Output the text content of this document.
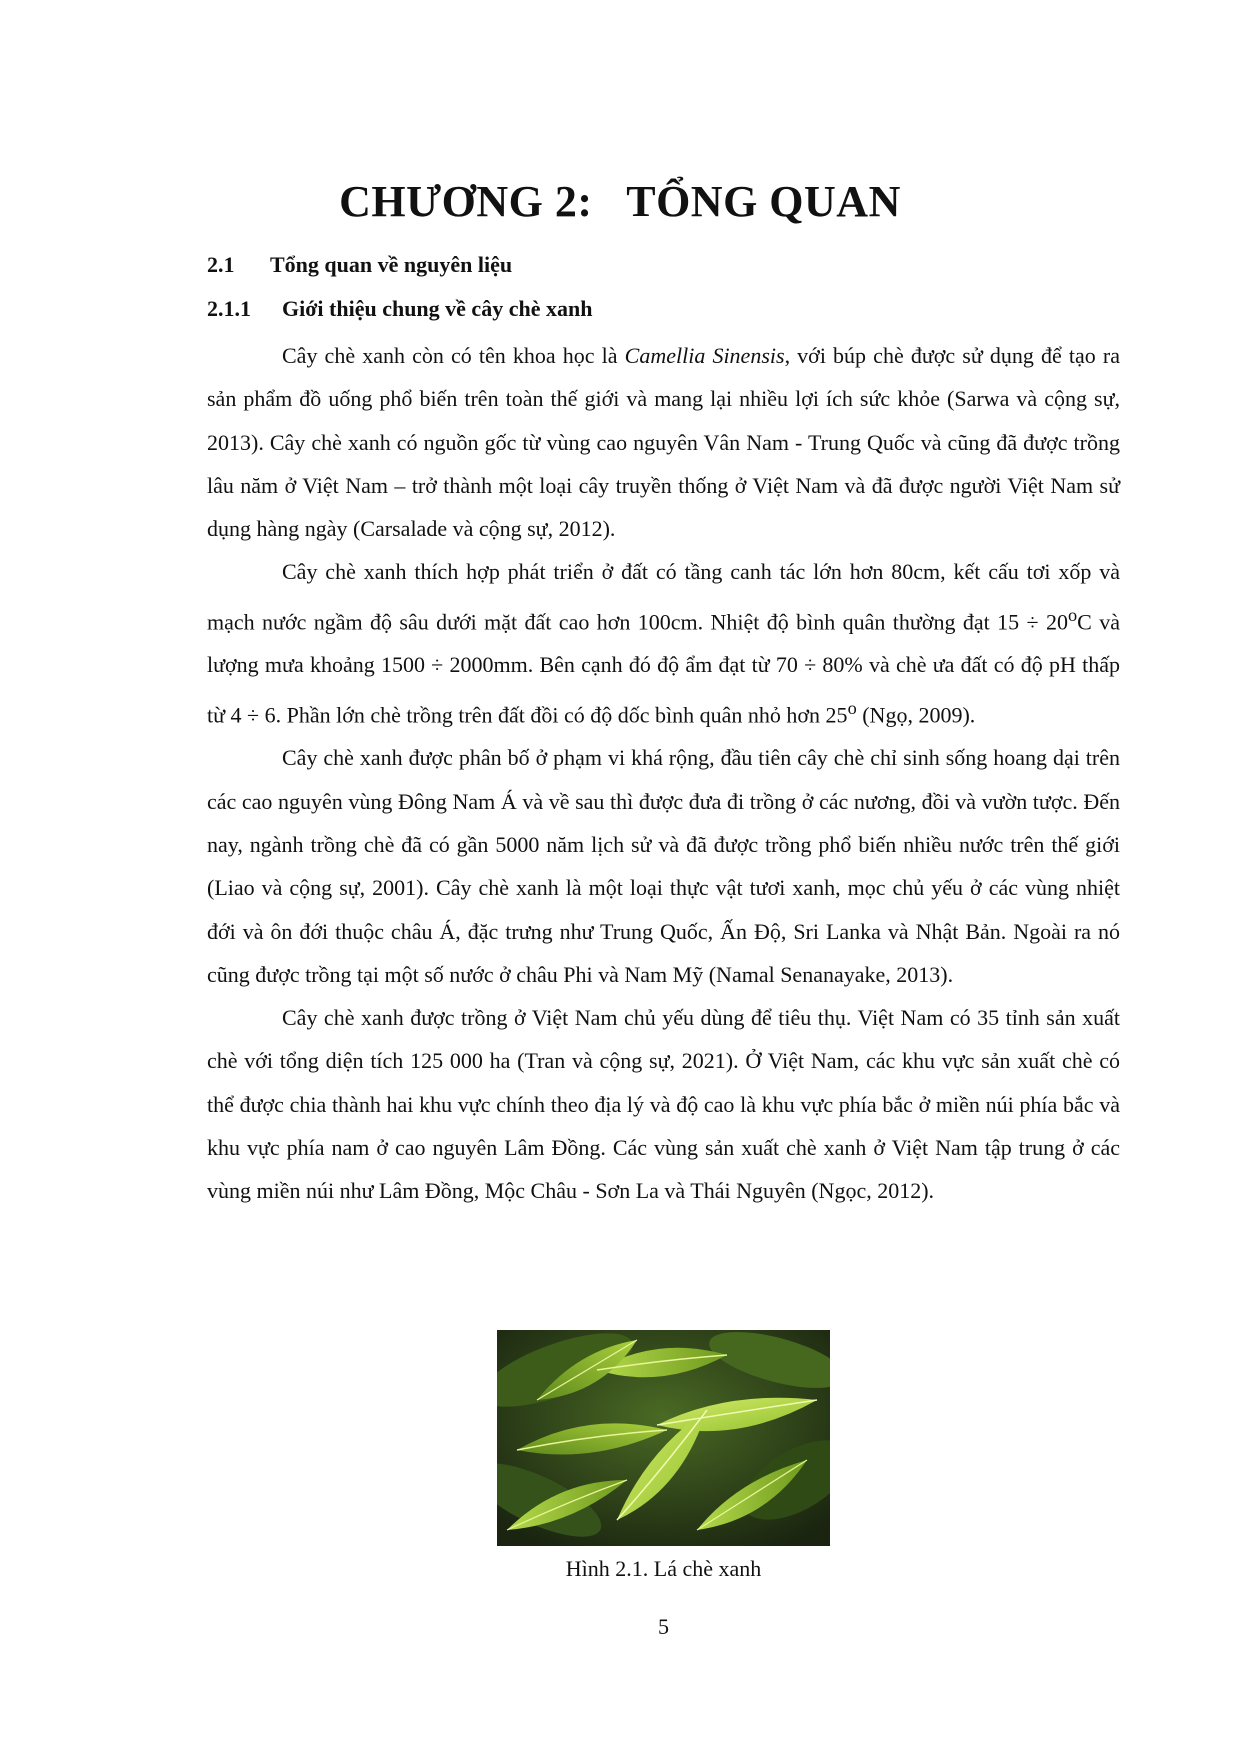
CHƯƠNG 2:   TỔNG QUAN
2.1 Tổng quan về nguyên liệu
2.1.1 Giới thiệu chung về cây chè xanh

Cây chè xanh còn có tên khoa học là Camellia Sinensis, với búp chè được sử dụng để tạo ra sản phẩm đồ uống phổ biến trên toàn thế giới và mang lại nhiều lợi ích sức khỏe (Sarwa và cộng sự, 2013). Cây chè xanh có nguồn gốc từ vùng cao nguyên Vân Nam - Trung Quốc và cũng đã được trồng lâu năm ở Việt Nam – trở thành một loại cây truyền thống ở Việt Nam và đã được người Việt Nam sử dụng hàng ngày (Carsalade và cộng sự, 2012).

Cây chè xanh thích hợp phát triển ở đất có tầng canh tác lớn hơn 80cm, kết cấu tơi xốp và mạch nước ngầm độ sâu dưới mặt đất cao hơn 100cm. Nhiệt độ bình quân thường đạt $15 \div 20^oC$ và lượng mưa khoảng 1500 ÷ 2000mm. Bên cạnh đó độ ẩm đạt từ 70 ÷ 80% và chè ưa đất có độ pH thấp từ 4 ÷ 6. Phần lớn chè trồng trên đất đồi có độ dốc bình quân nhỏ hơn 25$^o$ (Ngọ, 2009).

Cây chè xanh được phân bố ở phạm vi khá rộng, đầu tiên cây chè chỉ sinh sống hoang dại trên các cao nguyên vùng Đông Nam Á và về sau thì được đưa đi trồng ở các nương, đồi và vườn tược. Đến nay, ngành trồng chè đã có gần 5000 năm lịch sử và đã được trồng phổ biến nhiều nước trên thế giới (Liao và cộng sự, 2001). Cây chè xanh là một loại thực vật tươi xanh, mọc chủ yếu ở các vùng nhiệt đới và ôn đới thuộc châu Á, đặc trưng như Trung Quốc, Ấn Độ, Sri Lanka và Nhật Bản. Ngoài ra nó cũng được trồng tại một số nước ở châu Phi và Nam Mỹ (Namal Senanayake, 2013).

Cây chè xanh được trồng ở Việt Nam chủ yếu dùng để tiêu thụ. Việt Nam có 35 tỉnh sản xuất chè với tổng diện tích 125 000 ha (Tran và cộng sự, 2021). Ở Việt Nam, các khu vực sản xuất chè có thể được chia thành hai khu vực chính theo địa lý và độ cao là khu vực phía bắc ở miền núi phía bắc và khu vực phía nam ở cao nguyên Lâm Đồng. Các vùng sản xuất chè xanh ở Việt Nam tập trung ở các vùng miền núi như Lâm Đồng, Mộc Châu - Sơn La và Thái Nguyên (Ngọc, 2012).

Hình 2.1. Lá chè xanh
5
